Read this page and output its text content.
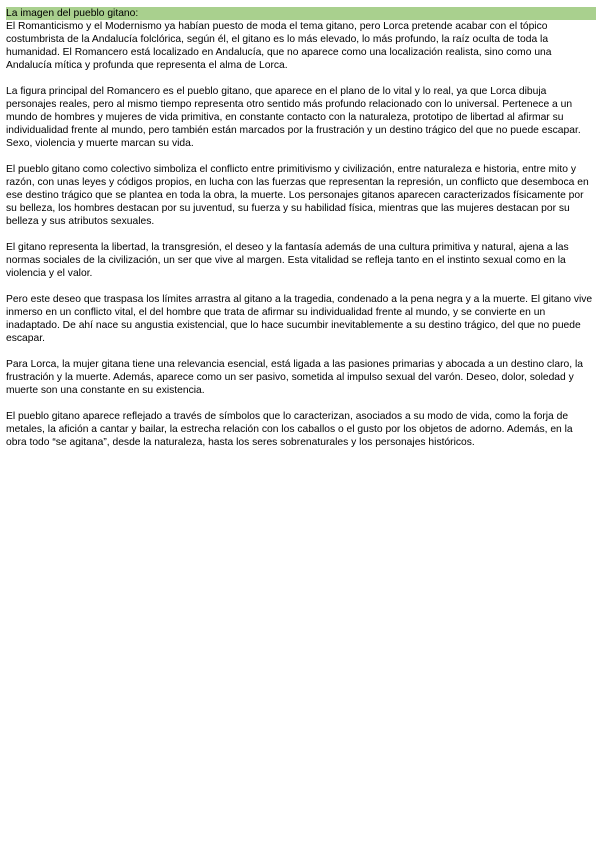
La imagen del pueblo gitano:

El Romanticismo y el Modernismo ya habían puesto de moda el tema gitano, pero Lorca pretende acabar con el tópico costumbrista de la Andalucía folclórica, según él, el gitano es lo más elevado, lo más profundo, la raíz oculta de toda la humanidad. El Romancero está localizado en Andalucía, que no aparece como una localización realista, sino como una Andalucía mítica y profunda que representa el alma de Lorca.

La figura principal del Romancero es el pueblo gitano, que aparece en el plano de lo vital y lo real, ya que Lorca dibuja personajes reales, pero al mismo tiempo representa otro sentido más profundo relacionado con lo universal. Pertenece a un mundo de hombres y mujeres de vida primitiva, en constante contacto con la naturaleza, prototipo de libertad al afirmar su individualidad frente al mundo, pero también están marcados por la frustración y un destino trágico del que no puede escapar. Sexo, violencia y muerte marcan su vida.

El pueblo gitano como colectivo simboliza el conflicto entre primitivismo y civilización, entre naturaleza e historia, entre mito y razón, con unas leyes y códigos propios, en lucha con las fuerzas que representan la represión, un conflicto que desemboca en ese destino trágico que se plantea en toda la obra, la muerte. Los personajes gitanos aparecen caracterizados físicamente por su belleza, los hombres destacan por su juventud, su fuerza y su habilidad física, mientras que las mujeres destacan por su belleza y sus atributos sexuales.

El gitano representa la libertad, la transgresión, el deseo y la fantasía además de una cultura primitiva y natural, ajena a las normas sociales de la civilización, un ser que vive al margen. Esta vitalidad se refleja tanto en el instinto sexual como en la violencia y el valor.

Pero este deseo que traspasa los límites arrastra al gitano a la tragedia, condenado a la pena negra y a la muerte. El gitano vive inmerso en un conflicto vital, el del hombre que trata de afirmar su individualidad frente al mundo, y se convierte en un inadaptado. De ahí nace su angustia existencial, que lo hace sucumbir inevitablemente a su destino trágico, del que no puede escapar.

Para Lorca, la mujer gitana tiene una relevancia esencial, está ligada a las pasiones primarias y abocada a un destino claro, la frustración y la muerte. Además, aparece como un ser pasivo, sometida al impulso sexual del varón. Deseo, dolor, soledad y muerte son una constante en su existencia.

El pueblo gitano aparece reflejado a través de símbolos que lo caracterizan, asociados a su modo de vida, como la forja de metales, la afición a cantar y bailar, la estrecha relación con los caballos o el gusto por los objetos de adorno. Además, en la obra todo “se agitana”, desde la naturaleza, hasta los seres sobrenaturales y los personajes históricos.
